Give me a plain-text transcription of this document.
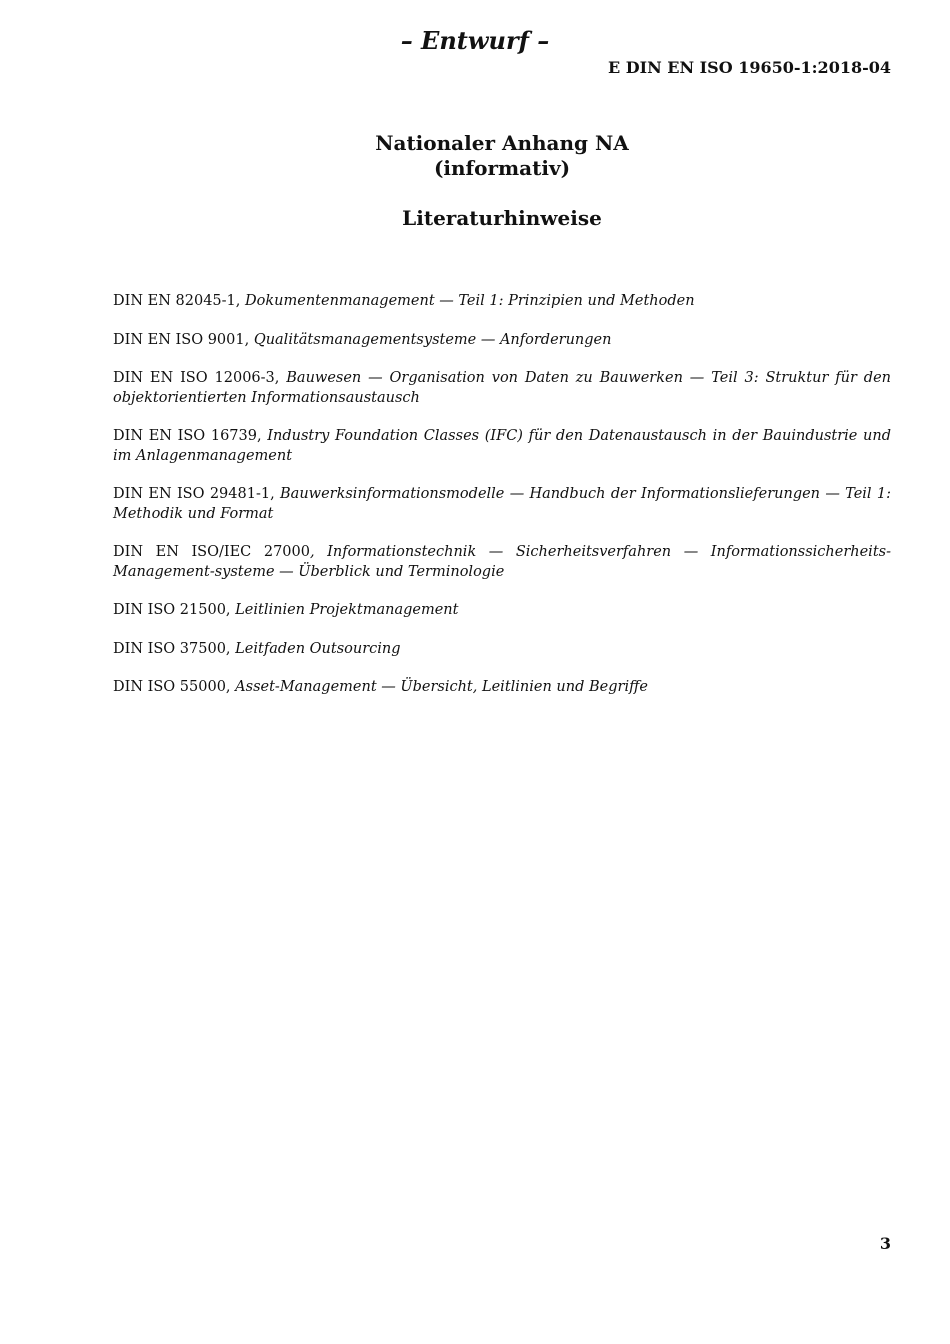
– Entwurf –
E DIN EN ISO 19650-1:2018-04
Nationaler Anhang NA
(informativ)
Literaturhinweise

DIN EN 82045-1, Dokumentenmanagement — Teil 1: Prinzipien und Methoden

DIN EN ISO 9001, Qualitätsmanagementsysteme — Anforderungen

DIN EN ISO 12006-3, Bauwesen — Organisation von Daten zu Bauwerken — Teil 3: Struktur für den objektorientierten Informationsaustausch

DIN EN ISO 16739, Industry Foundation Classes (IFC) für den Datenaustausch in der Bauindustrie und im Anlagenmanagement

DIN EN ISO 29481-1, Bauwerksinformationsmodelle — Handbuch der Informationslieferungen — Teil 1: Methodik und Format

DIN EN ISO/IEC 27000, Informationstechnik — Sicherheitsverfahren — Informationssicherheits-Management-systeme — Überblick und Terminologie

DIN ISO 21500, Leitlinien Projektmanagement

DIN ISO 37500, Leitfaden Outsourcing

DIN ISO 55000, Asset-Management — Übersicht, Leitlinien und Begriffe

3
